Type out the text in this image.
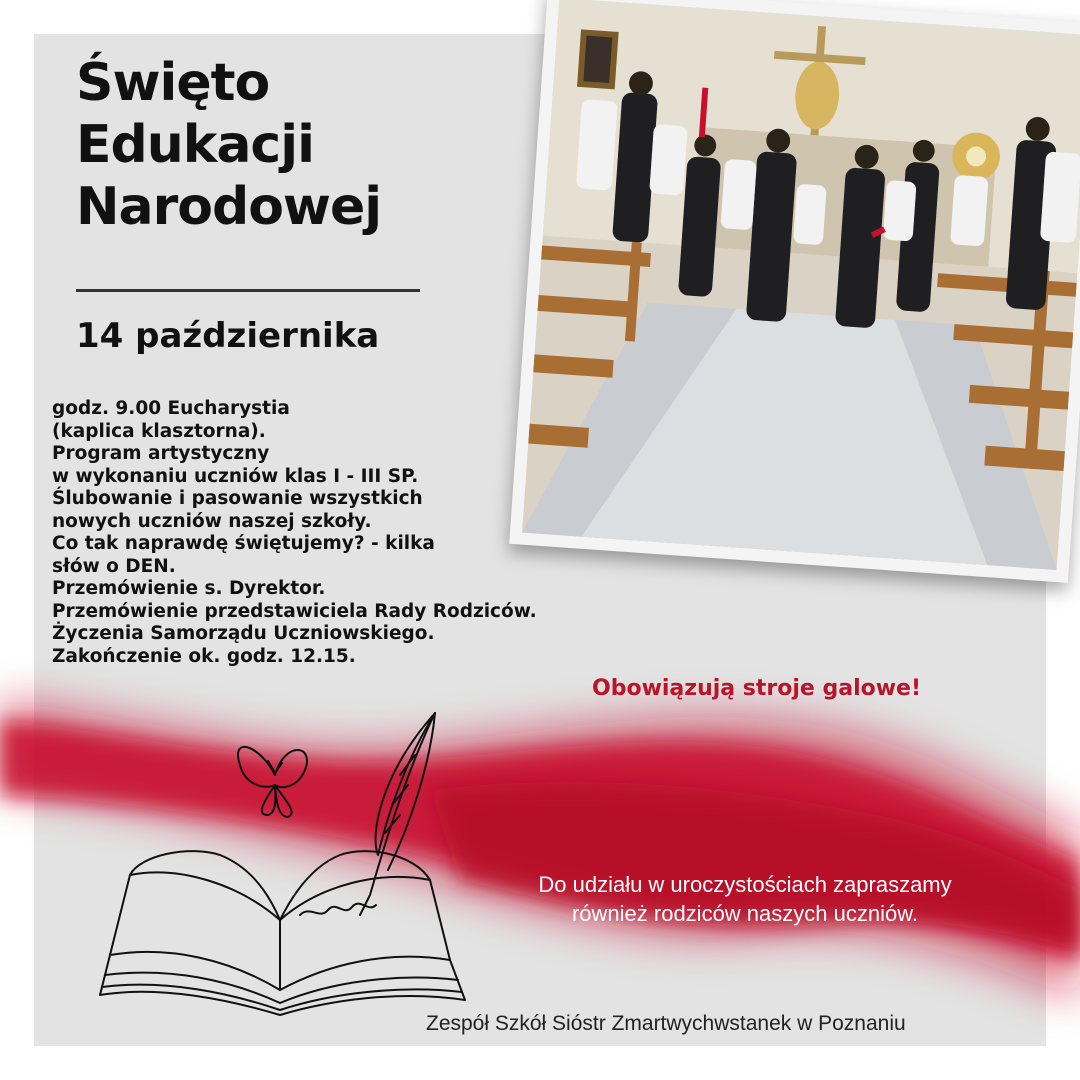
Święto
Edukacji
Narodowej
14 października
godz. 9.00 Eucharystia
(kaplica klasztorna).
Program artystyczny
w wykonaniu uczniów klas I - III SP.
Ślubowanie i pasowanie wszystkich
nowych uczniów naszej szkoły.
Co tak naprawdę świętujemy? - kilka
słów o DEN.
Przemówienie s. Dyrektor.
Przemówienie przedstawiciela Rady Rodziców.
Życzenia Samorządu Uczniowskiego.
Zakończenie ok. godz. 12.15.
Obowiązują stroje galowe!
Do udziału w uroczystościach zapraszamy
również rodziców naszych uczniów.
Zespół Szkół Sióstr Zmartwychwstanek w Poznaniu
